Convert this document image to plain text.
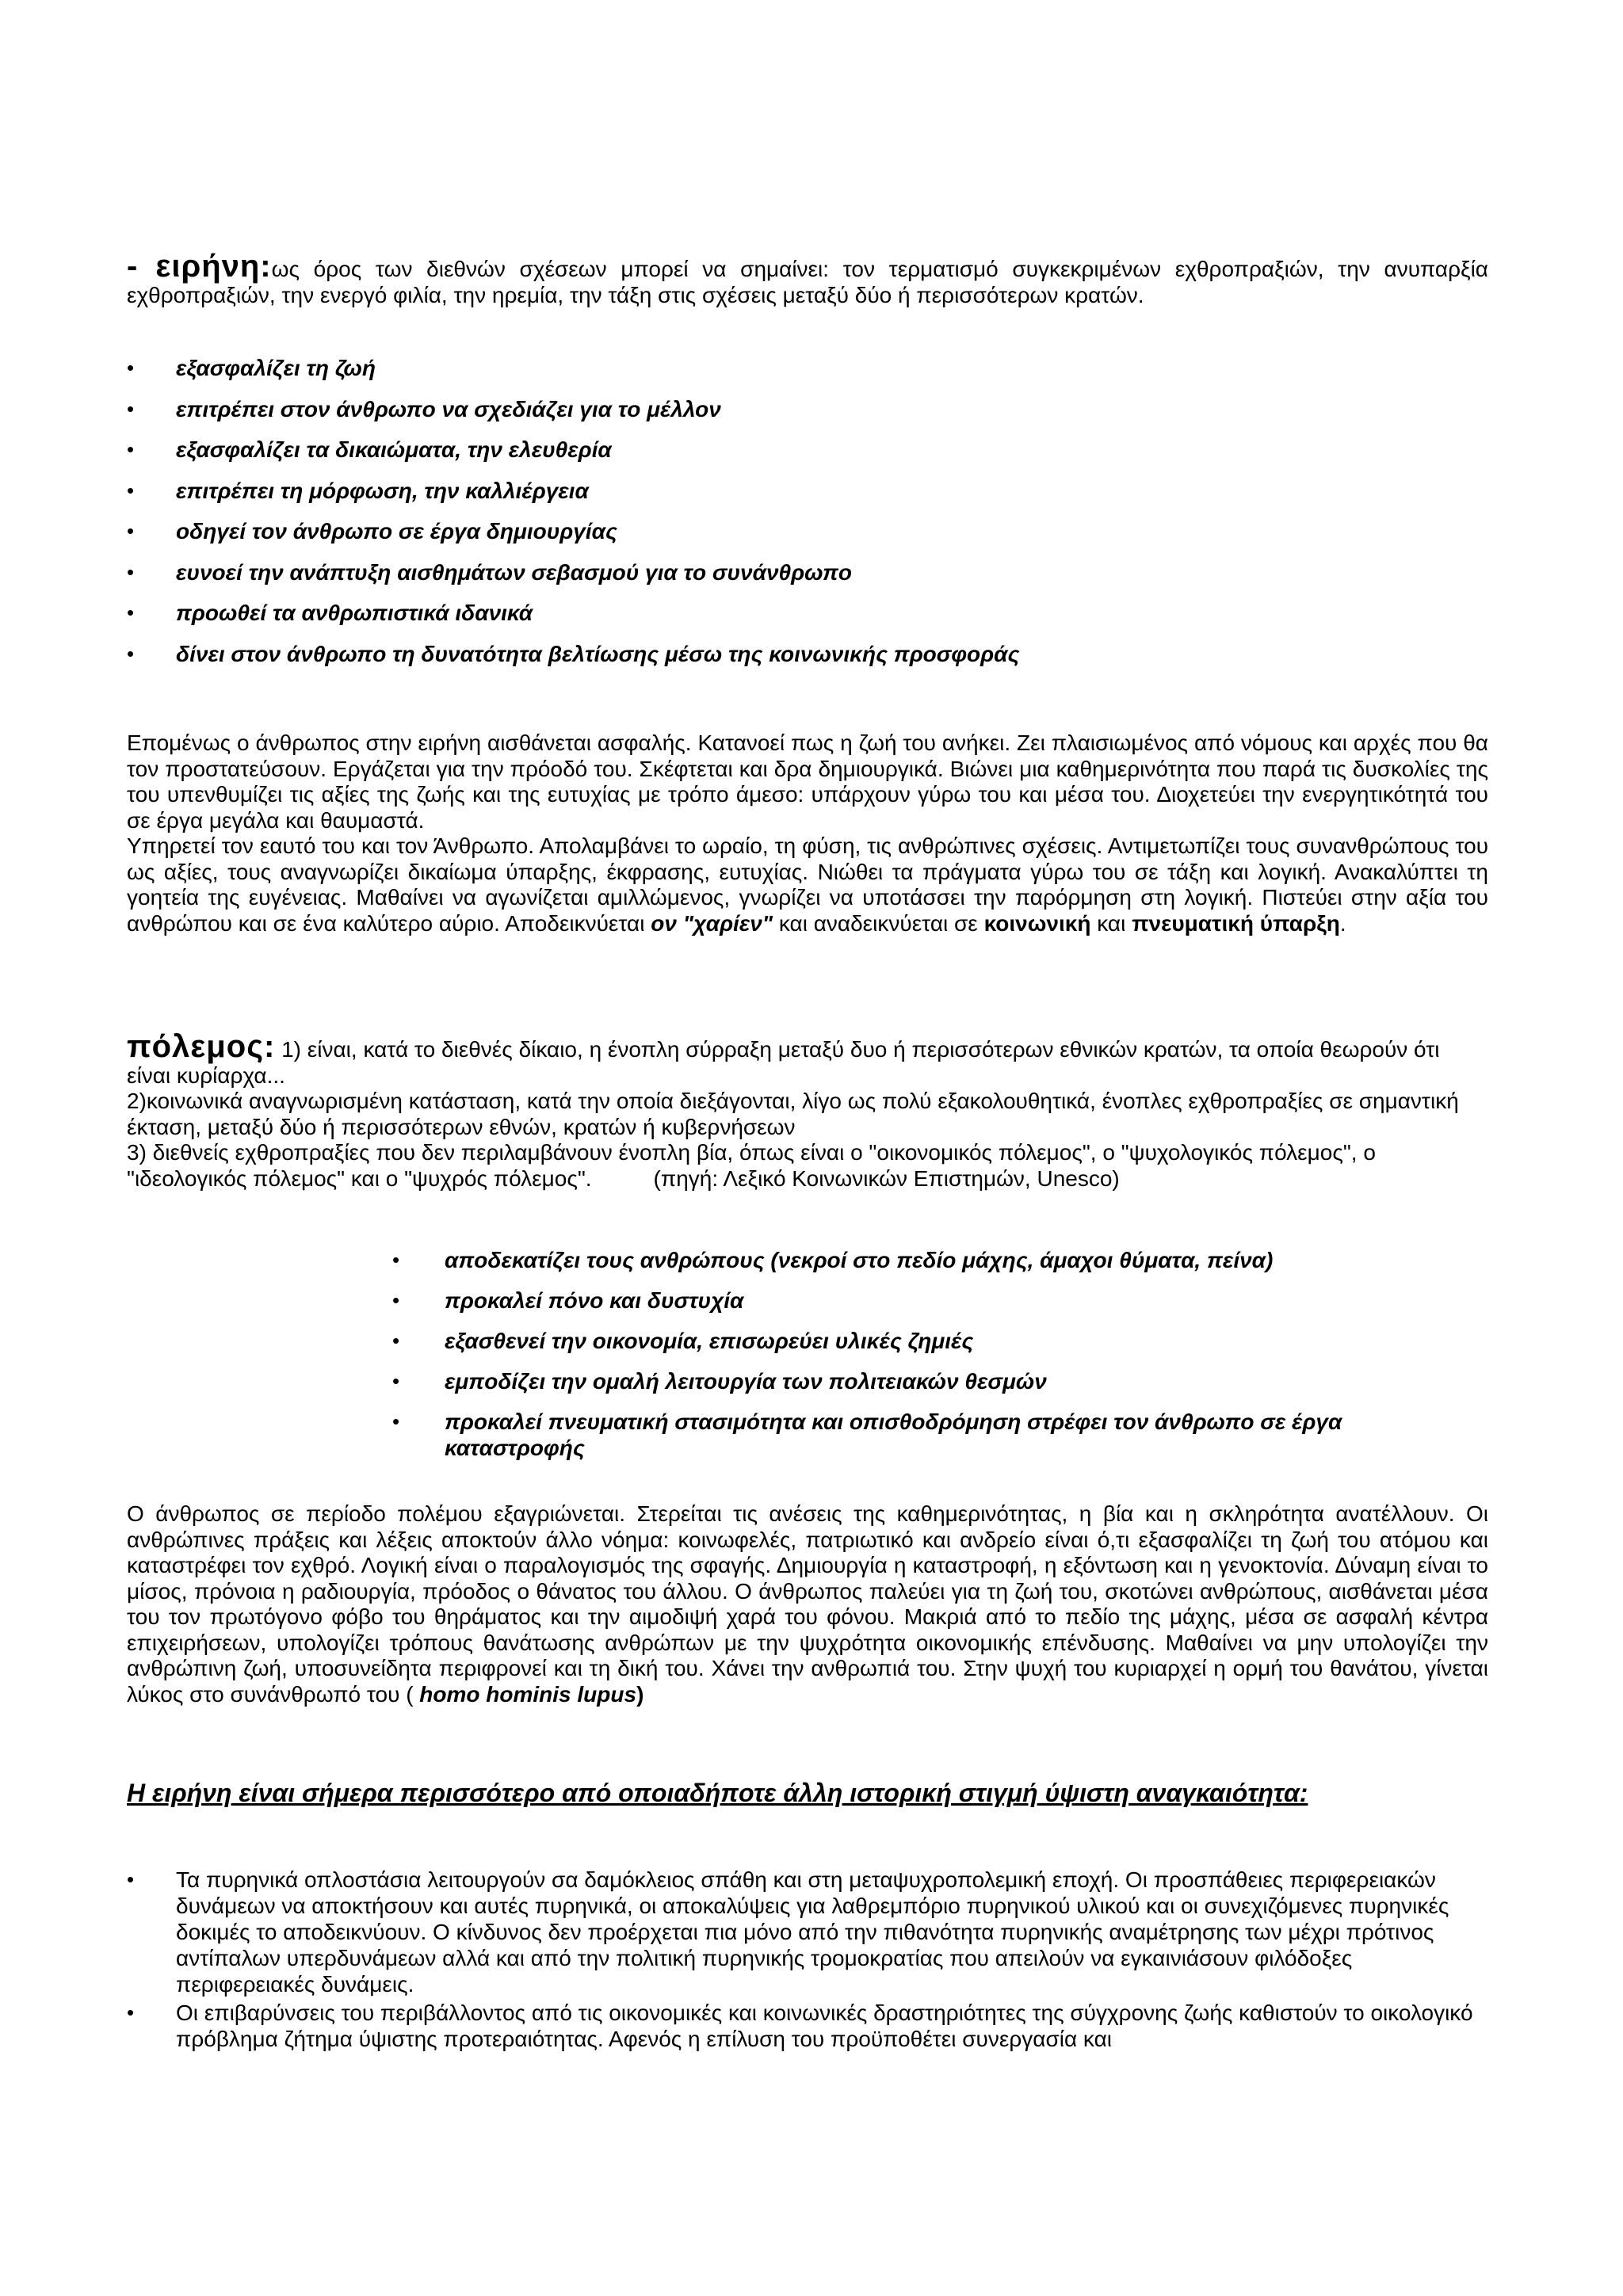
- ειρήνη:ως όρος των διεθνών σχέσεων μπορεί να σημαίνει: τον τερματισμό συγκεκριμένων εχθροπραξιών, την ανυπαρξία εχθροπραξιών, την ενεργό φιλία, την ηρεμία, την τάξη στις σχέσεις μεταξύ δύο ή περισσότερων κρατών.

• εξασφαλίζει τη ζωή
• επιτρέπει στον άνθρωπο να σχεδιάζει για το μέλλον
• εξασφαλίζει τα δικαιώματα, την ελευθερία
• επιτρέπει τη μόρφωση, την καλλιέργεια
• οδηγεί τον άνθρωπο σε έργα δημιουργίας
• ευνοεί την ανάπτυξη αισθημάτων σεβασμού για το συνάνθρωπο
• προωθεί τα ανθρωπιστικά ιδανικά
• δίνει στον άνθρωπο τη δυνατότητα βελτίωσης μέσω της κοινωνικής προσφοράς
Επομένως ο άνθρωπος στην ειρήνη αισθάνεται ασφαλής. Κατανοεί πως η ζωή του ανήκει. Ζει πλαισιωμένος από νόμους και αρχές που θα τον προστατεύσουν. Εργάζεται για την πρόοδό του. Σκέφτεται και δρα δημιουργικά. Βιώνει μια καθημερινότητα που παρά τις δυσκολίες της του υπενθυμίζει τις αξίες της ζωής και της ευτυχίας με τρόπο άμεσο: υπάρχουν γύρω του και μέσα του. Διοχετεύει την ενεργητικότητά του σε έργα μεγάλα και θαυμαστά.
Υπηρετεί τον εαυτό του και τον Άνθρωπο. Απολαμβάνει το ωραίο, τη φύση, τις ανθρώπινες σχέσεις. Αντιμετωπίζει τους συνανθρώπους του ως αξίες, τους αναγνωρίζει δικαίωμα ύπαρξης, έκφρασης, ευτυχίας. Νιώθει τα πράγματα γύρω του σε τάξη και λογική. Ανακαλύπτει τη γοητεία της ευγένειας. Μαθαίνει να αγωνίζεται αμιλλώμενος, γνωρίζει να υποτάσσει την παρόρμηση στη λογική. Πιστεύει στην αξία του ανθρώπου και σε ένα καλύτερο αύριο. Αποδεικνύεται ον "χαρίεν" και αναδεικνύεται σε κοινωνική και πνευματική ύπαρξη.
πόλεμος: 1) είναι, κατά το διεθνές δίκαιο, η ένοπλη σύρραξη μεταξύ δυο ή περισσότερων εθνικών κρατών, τα οποία θεωρούν ότι είναι κυρίαρχα...
2)κοινωνικά αναγνωρισμένη κατάσταση, κατά την οποία διεξάγονται, λίγο ως πολύ εξακολουθητικά, ένοπλες εχθροπραξίες σε σημαντική έκταση, μεταξύ δύο ή περισσότερων εθνών, κρατών ή κυβερνήσεων
3) διεθνείς εχθροπραξίες που δεν περιλαμβάνουν ένοπλη βία, όπως είναι ο "οικονομικός πόλεμος", ο "ψυχολογικός πόλεμος", ο "ιδεολογικός πόλεμος" και ο "ψυχρός πόλεμος".	(πηγή: Λεξικό Κοινωνικών Επιστημών, Unesco)
• αποδεκατίζει τους ανθρώπους (νεκροί στο πεδίο μάχης, άμαχοι θύματα, πείνα)
• προκαλεί πόνο και δυστυχία
• εξασθενεί την οικονομία, επισωρεύει υλικές ζημιές
• εμποδίζει την ομαλή λειτουργία των πολιτειακών θεσμών
• προκαλεί πνευματική στασιμότητα και οπισθοδρόμηση στρέφει τον άνθρωπο σε έργα καταστροφής
Ο άνθρωπος σε περίοδο πολέμου εξαγριώνεται. Στερείται τις ανέσεις της καθημερινότητας, η βία και η σκληρότητα ανατέλλουν. Οι ανθρώπινες πράξεις και λέξεις αποκτούν άλλο νόημα: κοινωφελές, πατριωτικό και ανδρείο είναι ό,τι εξασφαλίζει τη ζωή του ατόμου και καταστρέφει τον εχθρό. Λογική είναι ο παραλογισμός της σφαγής. Δημιουργία η καταστροφή, η εξόντωση και η γενοκτονία. Δύναμη είναι το μίσος, πρόνοια η ραδιουργία, πρόοδος ο θάνατος του άλλου. Ο άνθρωπος παλεύει για τη ζωή του, σκοτώνει ανθρώπους, αισθάνεται μέσα του τον πρωτόγονο φόβο του θηράματος και την αιμοδιψή χαρά του φόνου. Μακριά από το πεδίο της μάχης, μέσα σε ασφαλή κέντρα επιχειρήσεων, υπολογίζει τρόπους θανάτωσης ανθρώπων με την ψυχρότητα οικονομικής επένδυσης. Μαθαίνει να μην υπολογίζει την ανθρώπινη ζωή, υποσυνείδητα περιφρονεί και τη δική του. Χάνει την ανθρωπιά του. Στην ψυχή του κυριαρχεί η ορμή του θανάτου, γίνεται λύκος στο συνάνθρωπό του ( homo hominis lupus)
Η ειρήνη είναι σήμερα περισσότερο από οποιαδήποτε άλλη ιστορική στιγμή ύψιστη αναγκαιότητα:
• Τα πυρηνικά οπλοστάσια λειτουργούν σα δαμόκλειος σπάθη και στη μεταψυχροπολεμική εποχή. Οι προσπάθειες περιφερειακών δυνάμεων να αποκτήσουν και αυτές πυρηνικά, οι αποκαλύψεις για λαθρεμπόριο πυρηνικού υλικού και οι συνεχιζόμενες πυρηνικές δοκιμές το αποδεικνύουν. Ο κίνδυνος δεν προέρχεται πια μόνο από την πιθανότητα πυρηνικής αναμέτρησης των μέχρι πρότινος αντίπαλων υπερδυνάμεων αλλά και από την πολιτική πυρηνικής τρομοκρατίας που απειλούν να εγκαινιάσουν φιλόδοξες περιφερειακές δυνάμεις.
• Οι επιβαρύνσεις του περιβάλλοντος από τις οικονομικές και κοινωνικές δραστηριότητες της σύγχρονης ζωής καθιστούν το οικολογικό πρόβλημα ζήτημα ύψιστης προτεραιότητας. Αφενός η επίλυση του προϋποθέτει συνεργασία και
